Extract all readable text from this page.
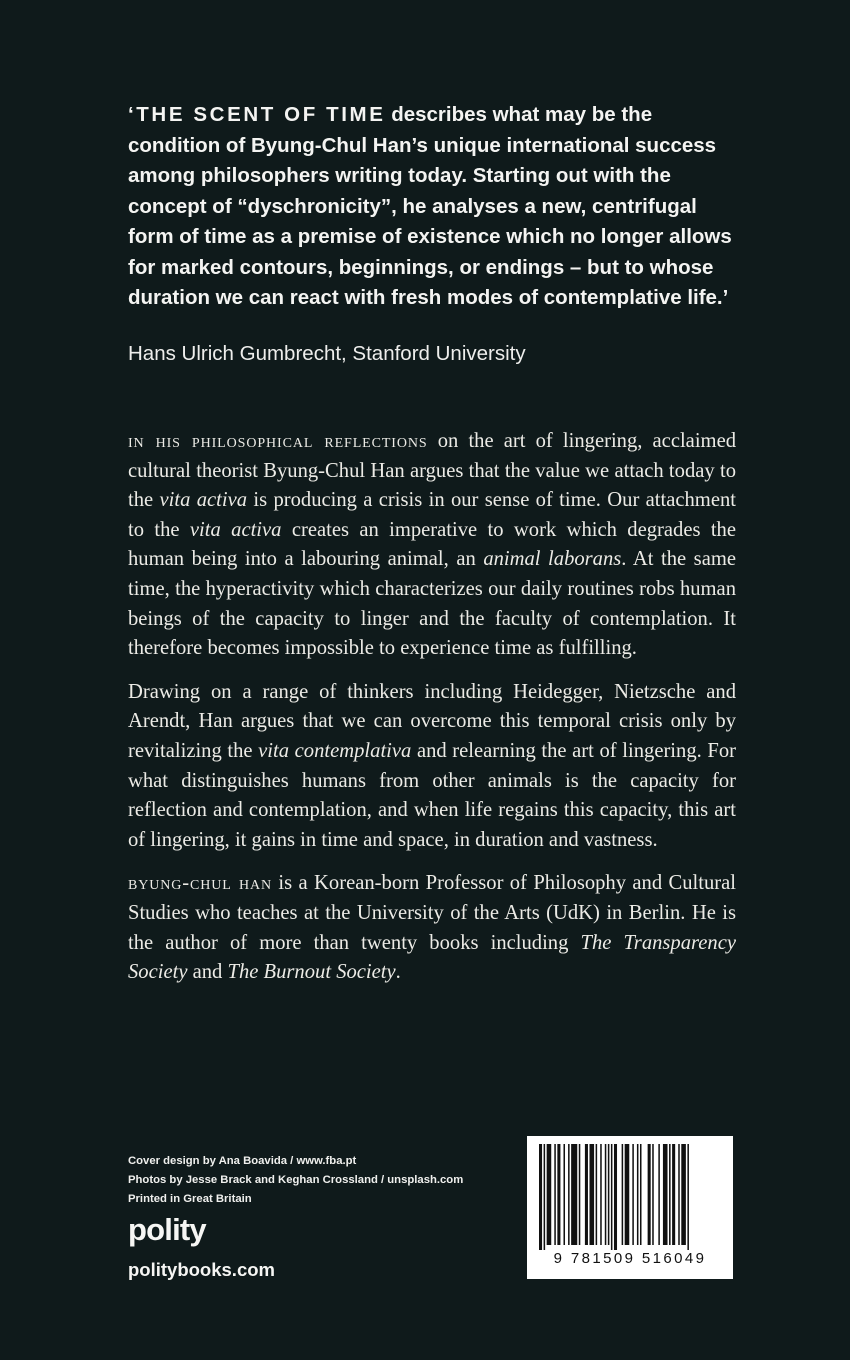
‘THE SCENT OF TIME describes what may be the condition of Byung-Chul Han’s unique international success among philosophers writing today. Starting out with the concept of “dyschronicity”, he analyses a new, centrifugal form of time as a premise of existence which no longer allows for marked contours, beginnings, or endings – but to whose duration we can react with fresh modes of contemplative life.’

Hans Ulrich Gumbrecht, Stanford University

in his philosophical reflections on the art of lingering, acclaimed cultural theorist Byung-Chul Han argues that the value we attach today to the vita activa is producing a crisis in our sense of time. Our attachment to the vita activa creates an imperative to work which degrades the human being into a labouring animal, an animal laborans. At the same time, the hyperactivity which characterizes our daily routines robs human beings of the capacity to linger and the faculty of contemplation. It therefore becomes impossible to experience time as fulfilling.

Drawing on a range of thinkers including Heidegger, Nietzsche and Arendt, Han argues that we can overcome this temporal crisis only by revitalizing the vita contemplativa and relearning the art of lingering. For what distinguishes humans from other animals is the capacity for reflection and contemplation, and when life regains this capacity, this art of lingering, it gains in time and space, in duration and vastness.

byung-chul han is a Korean-born Professor of Philosophy and Cultural Studies who teaches at the University of the Arts (UdK) in Berlin. He is the author of more than twenty books including The Transparency Society and The Burnout Society.

Cover design by Ana Boavida / www.fba.pt
Photos by Jesse Brack and Keghan Crossland / unsplash.com
Printed in Great Britain
polity
politybooks.com
9 781509 516049
